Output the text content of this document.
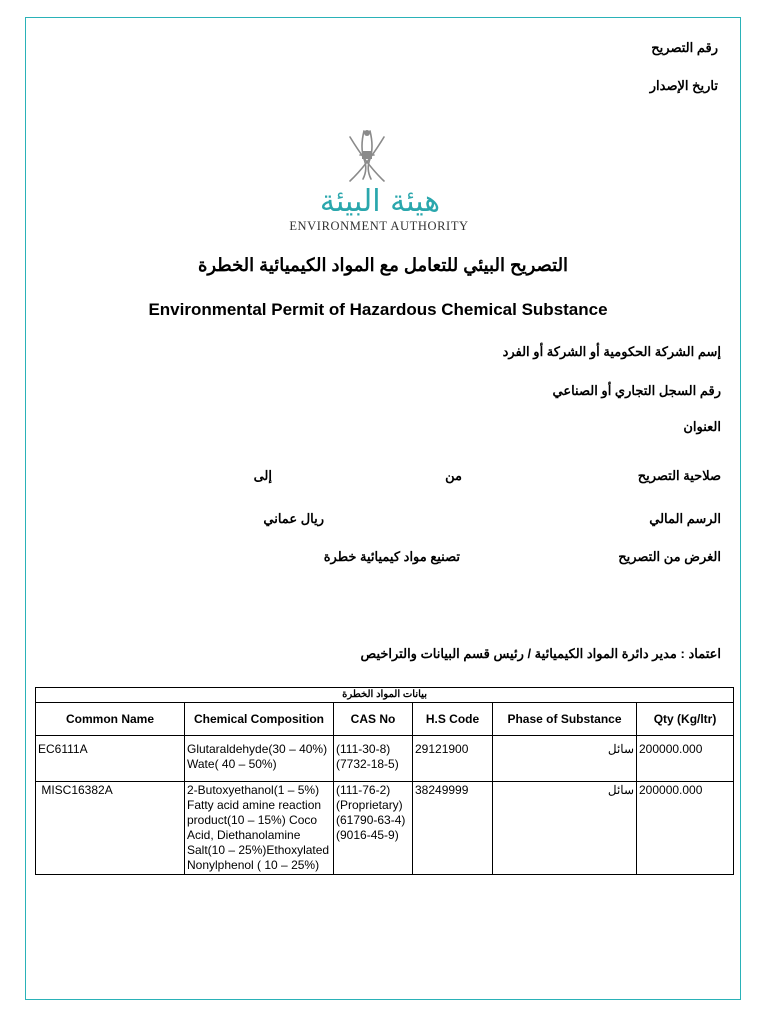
رقم التصريح
تاريخ الإصدار
هيئة البيئة
ENVIRONMENT AUTHORITY
التصريح البيئي للتعامل مع المواد الكيميائية الخطرة
Environmental Permit of Hazardous Chemical Substance
إسم الشركة الحكومية أو الشركة أو الفرد
رقم السجل التجاري أو الصناعي
العنوان
صلاحية التصريح
من
إلى
الرسم المالي
ريال عماني
الغرض من التصريح
تصنيع مواد كيميائية خطرة
اعتماد : مدير دائرة المواد الكيميائية / رئيس قسم البيانات والتراخيص
بيانات المواد الخطرة					
Common Name	Chemical Composition	CAS No	H.S Code	Phase of Substance	Qty (Kg/ltr)
EC6111A	Glutaraldehyde(30 – 40%) Wate( 40 – 50%)	(111-30-8) (7732-18-5)	29121900	سائل	200000.000
MISC16382A	2-Butoxyethanol(1 – 5%) Fatty acid amine reaction product(10 – 15%) Coco Acid, Diethanolamine Salt(10 – 25%)Ethoxylated Nonylphenol ( 10 – 25%)	(111-76-2) (Proprietary) (61790-63-4) (9016-45-9)	38249999	سائل	200000.000
